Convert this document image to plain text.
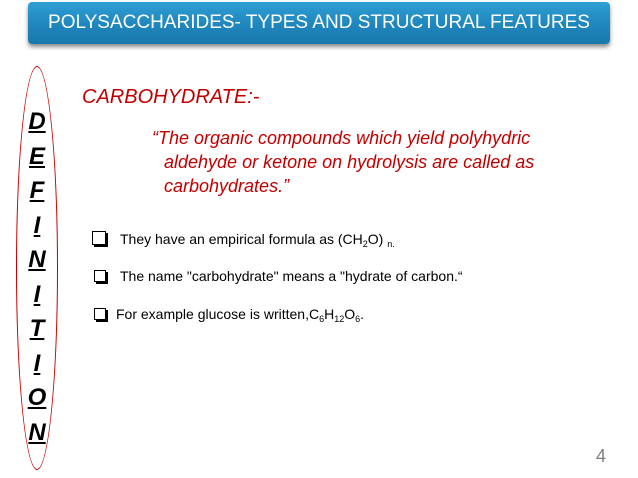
POLYSACCHARIDES- TYPES AND STRUCTURAL FEATURES
D
E
F
I
N
I
T
I
O
N
CARBOHYDRATE:-
“The organic compounds which yield polyhydric
aldehyde or ketone on hydrolysis are called as
carbohydrates.”
They have an empirical formula as $(CH_2O)$ $_{n.}$
The name "carbohydrate" means a "hydrate of carbon.“
For example glucose is $written,C_6H_{12}O_6$.
4
